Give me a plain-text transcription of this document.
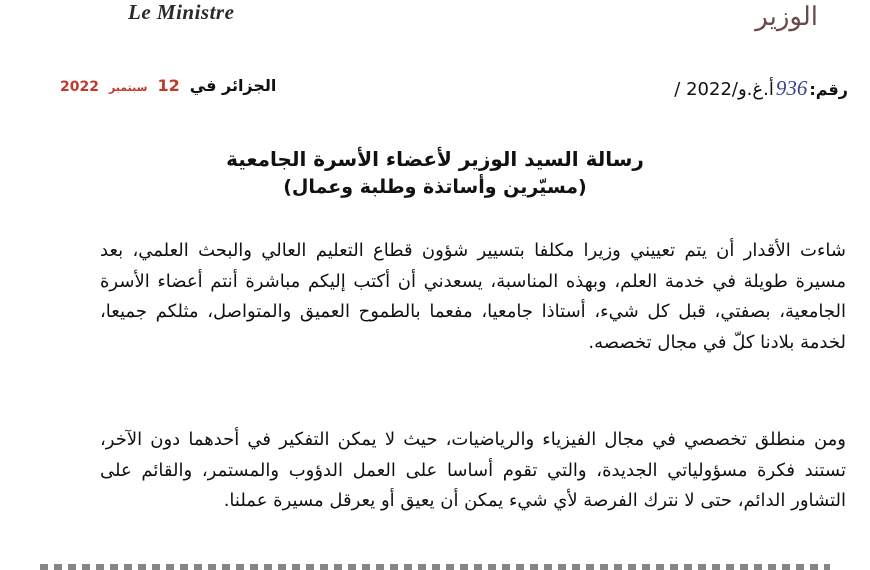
Le Ministre	الوزير
رقم:
936
/ أ.غ.و/2022
الجزائر في
12
سبتمبر
2022
رسالة السيد الوزير لأعضاء الأسرة الجامعية
(مسيّرين وأساتذة وطلبة وعمال)
شاءت الأقدار أن يتم تعييني وزيرا مكلفا بتسيير شؤون قطاع التعليم العالي والبحث العلمي، بعد مسيرة طويلة في خدمة العلم، وبهذه المناسبة، يسعدني أن أكتب إليكم مباشرة أنتم أعضاء الأسرة الجامعية، بصفتي، قبل كل شيء، أستاذا جامعيا، مفعما بالطموح العميق والمتواصل، مثلكم جميعا، لخدمة بلادنا كلّ في مجال تخصصه.
ومن منطلق تخصصي في مجال الفيزياء والرياضيات، حيث لا يمكن التفكير في أحدهما دون الآخر، تستند فكرة مسؤولياتي الجديدة، والتي تقوم أساسا على العمل الدؤوب والمستمر، والقائم على التشاور الدائم، حتى لا نترك الفرصة لأي شيء يمكن أن يعيق أو يعرقل مسيرة عملنا.
